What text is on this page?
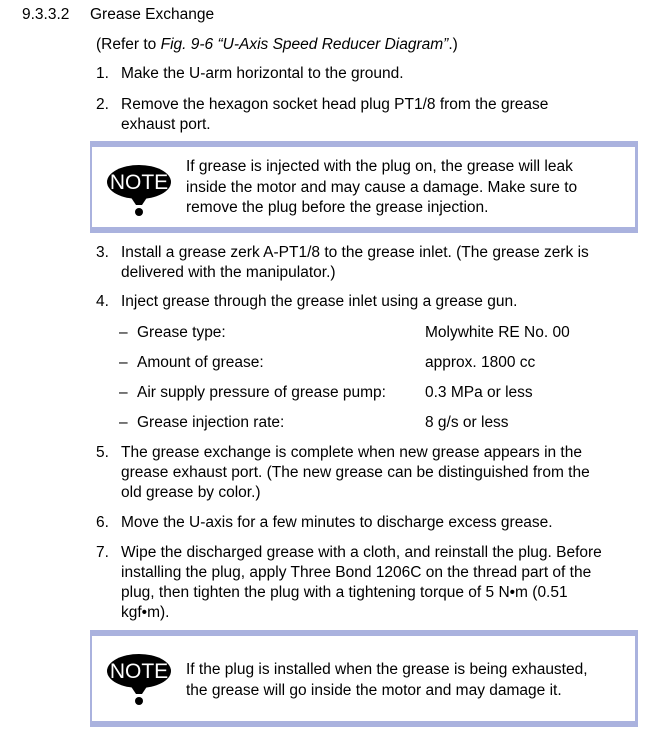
9.3.3.2 Grease Exchange
(Refer to Fig. 9-6 “U-Axis Speed Reducer Diagram”.)
1. Make the U-arm horizontal to the ground.
2. Remove the hexagon socket head plug PT1/8 from the grease
exhaust port.
NOTE
If grease is injected with the plug on, the grease will leak
inside the motor and may cause a damage. Make sure to
remove the plug before the grease injection.
3. Install a grease zerk A-PT1/8 to the grease inlet. (The grease zerk is
delivered with the manipulator.)
4. Inject grease through the grease inlet using a grease gun.
– Grease type:	Molywhite RE No. 00
– Amount of grease:	approx. 1800 cc
– Air supply pressure of grease pump:	0.3 MPa or less
– Grease injection rate:	8 g/s or less
5. The grease exchange is complete when new grease appears in the
grease exhaust port. (The new grease can be distinguished from the
old grease by color.)
6. Move the U-axis for a few minutes to discharge excess grease.
7. Wipe the discharged grease with a cloth, and reinstall the plug. Before
installing the plug, apply Three Bond 1206C on the thread part of the
plug, then tighten the plug with a tightening torque of 5 N•m (0.51
kgf•m).
NOTE If the plug is installed when the grease is being exhausted,
the grease will go inside the motor and may damage it.
